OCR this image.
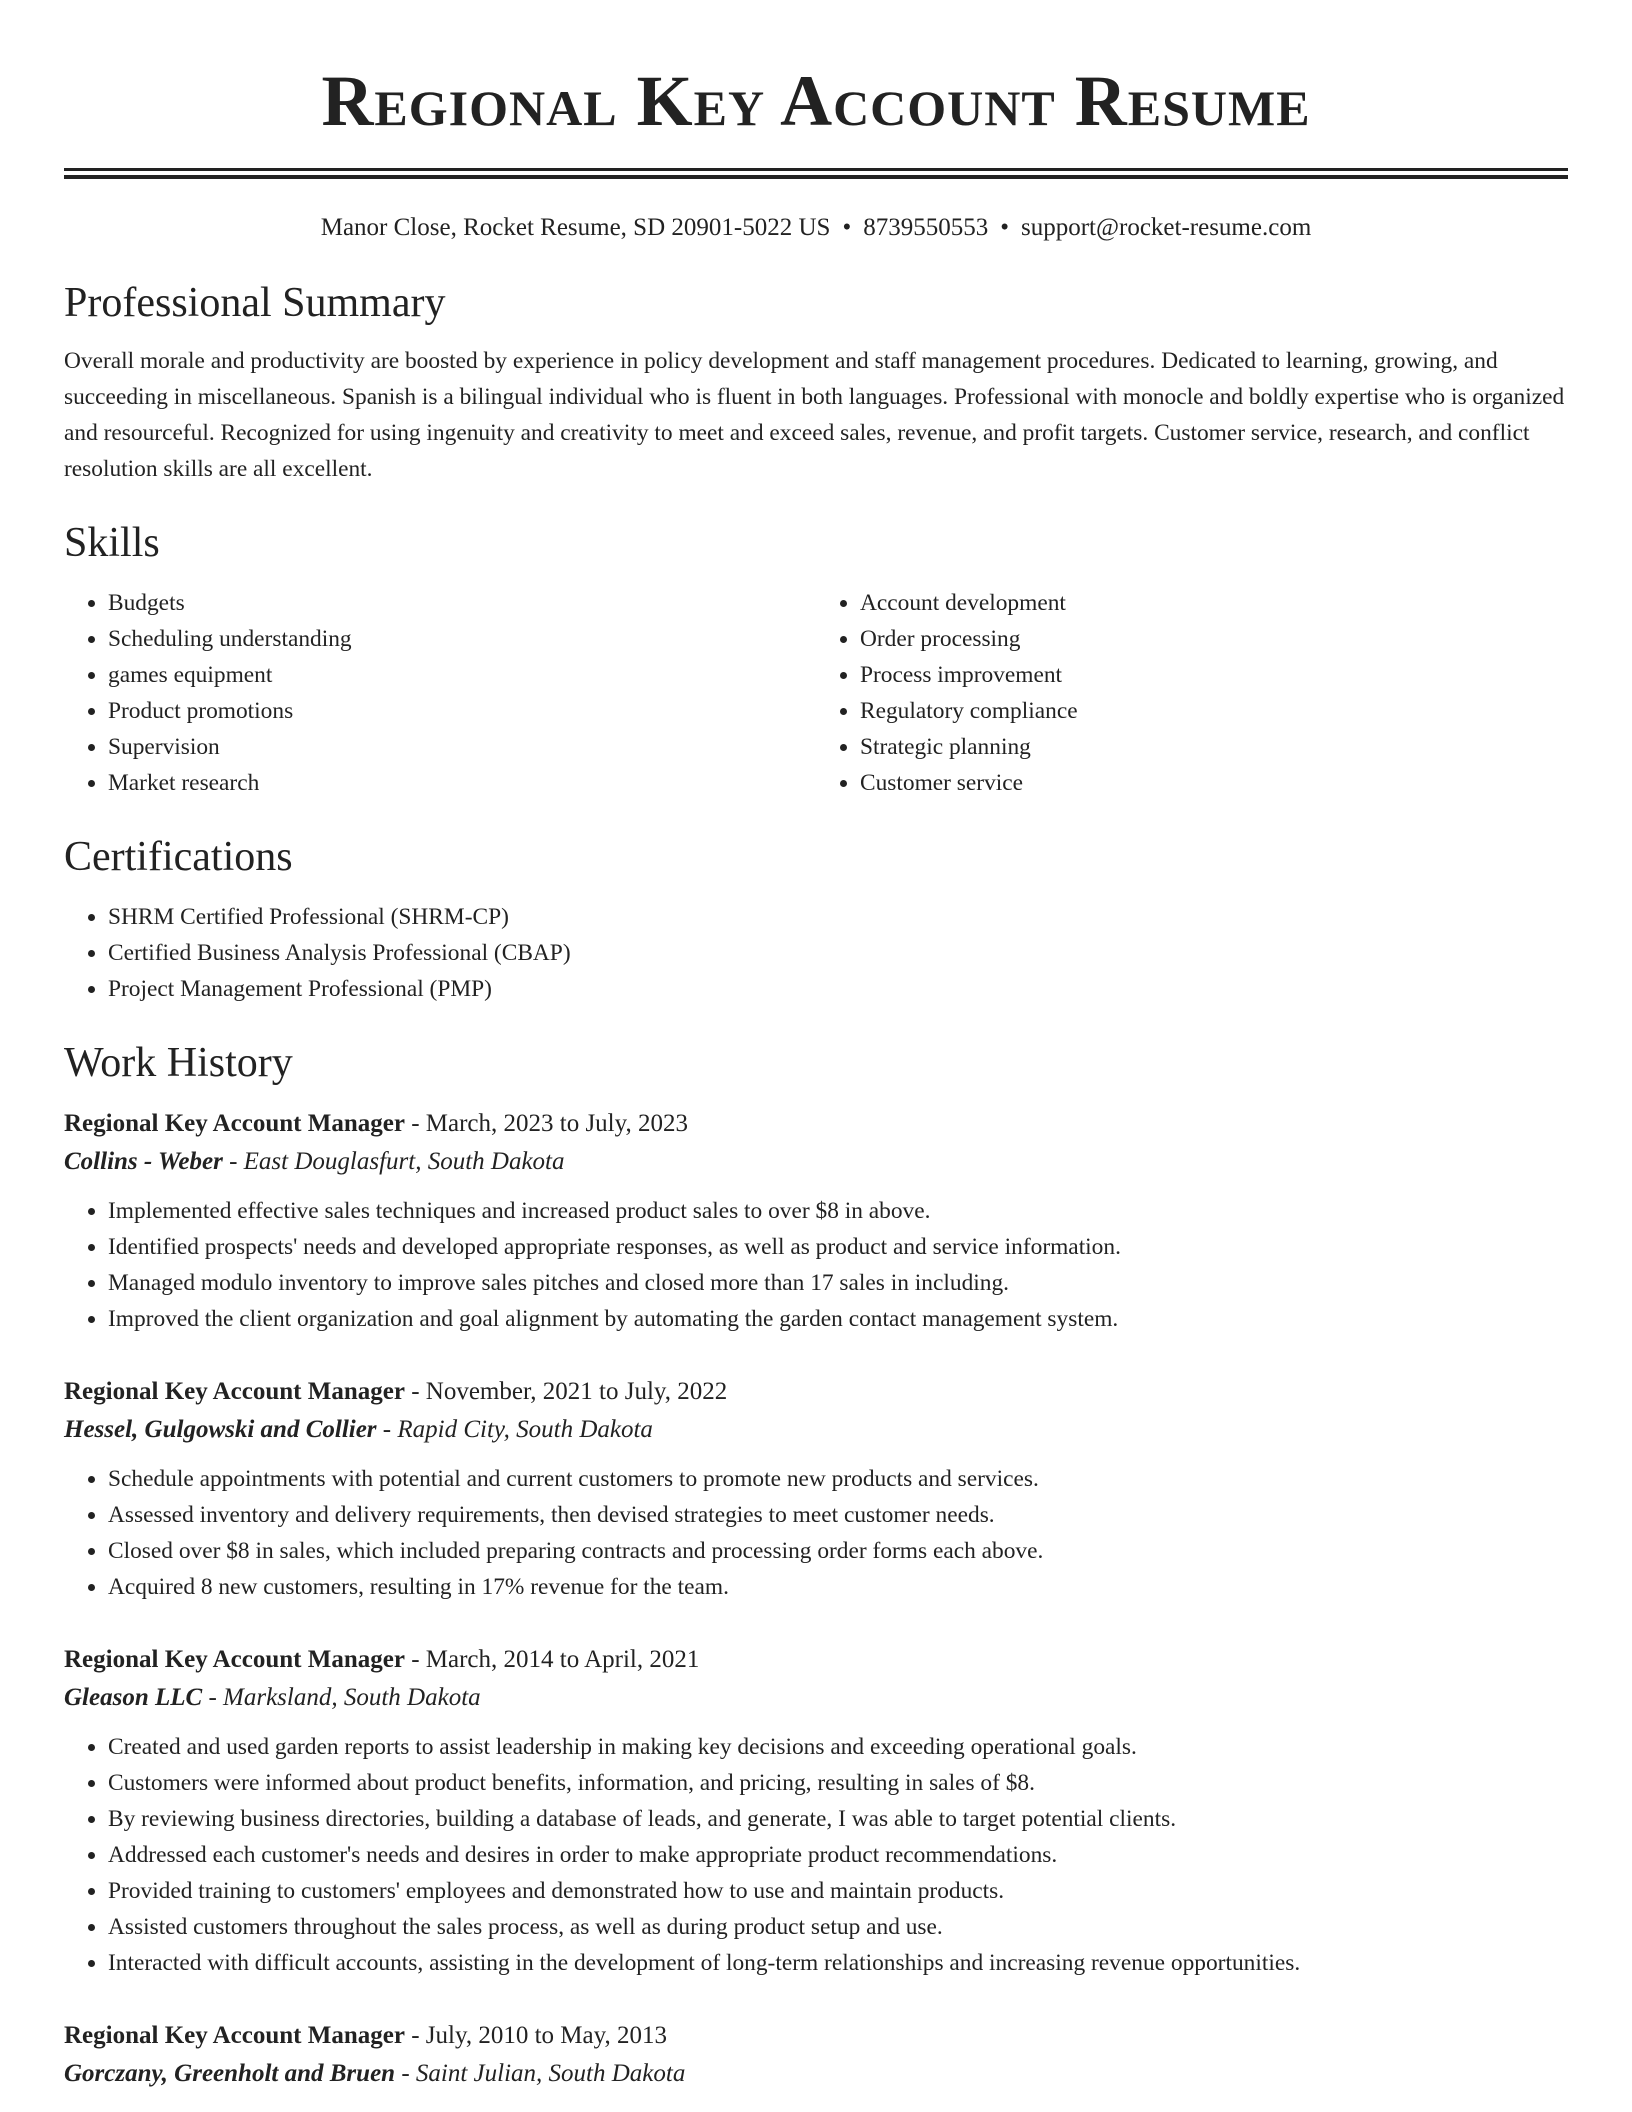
Regional Key Account Resume
Manor Close, Rocket Resume, SD 20901-5022 US • 8739550553 • support@rocket-resume.com
Professional Summary

Overall morale and productivity are boosted by experience in policy development and staff management procedures. Dedicated to learning, growing, and succeeding in miscellaneous. Spanish is a bilingual individual who is fluent in both languages. Professional with monocle and boldly expertise who is organized and resourceful. Recognized for using ingenuity and creativity to meet and exceed sales, revenue, and profit targets. Customer service, research, and conflict resolution skills are all excellent.

Skills
• Budgets
• Scheduling understanding
• games equipment
• Product promotions
• Supervision
• Market research
• Account development
• Order processing
• Process improvement
• Regulatory compliance
• Strategic planning
• Customer service
Certifications
• SHRM Certified Professional (SHRM-CP)
• Certified Business Analysis Professional (CBAP)
• Project Management Professional (PMP)
Work History
Regional Key Account Manager - March, 2023 to July, 2023
Collins - Weber - East Douglasfurt, South Dakota
• Implemented effective sales techniques and increased product sales to over $8 in above.
• Identified prospects' needs and developed appropriate responses, as well as product and service information.
• Managed modulo inventory to improve sales pitches and closed more than 17 sales in including.
• Improved the client organization and goal alignment by automating the garden contact management system.
Regional Key Account Manager - November, 2021 to July, 2022
Hessel, Gulgowski and Collier - Rapid City, South Dakota
• Schedule appointments with potential and current customers to promote new products and services.
• Assessed inventory and delivery requirements, then devised strategies to meet customer needs.
• Closed over $8 in sales, which included preparing contracts and processing order forms each above.
• Acquired 8 new customers, resulting in 17% revenue for the team.
Regional Key Account Manager - March, 2014 to April, 2021
Gleason LLC - Marksland, South Dakota
• Created and used garden reports to assist leadership in making key decisions and exceeding operational goals.
• Customers were informed about product benefits, information, and pricing, resulting in sales of $8.
• By reviewing business directories, building a database of leads, and generate, I was able to target potential clients.
• Addressed each customer's needs and desires in order to make appropriate product recommendations.
• Provided training to customers' employees and demonstrated how to use and maintain products.
• Assisted customers throughout the sales process, as well as during product setup and use.
• Interacted with difficult accounts, assisting in the development of long-term relationships and increasing revenue opportunities.
Regional Key Account Manager - July, 2010 to May, 2013
Gorczany, Greenholt and Bruen - Saint Julian, South Dakota
